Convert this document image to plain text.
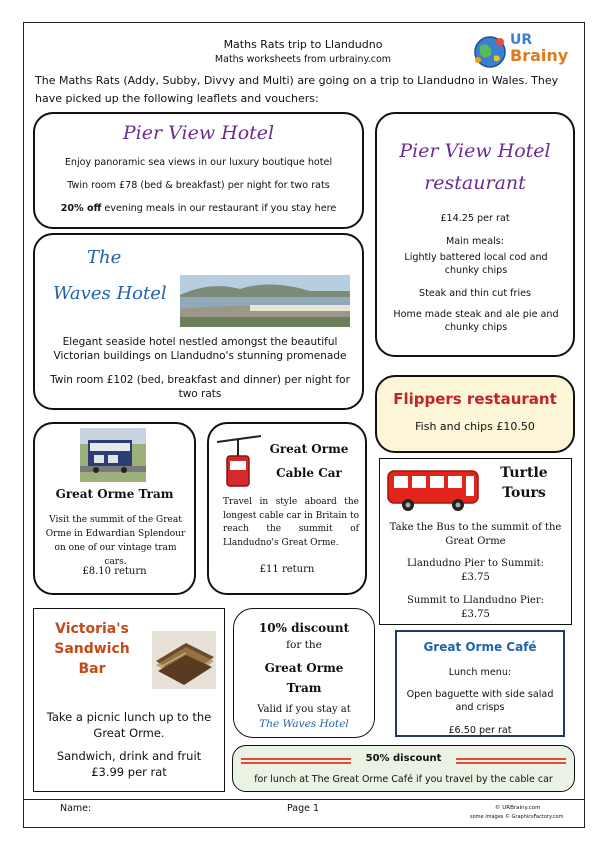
Maths Rats trip to Llandudno
Maths worksheets from urbrainy.com
UR
Brainy
The Maths Rats (Addy, Subby, Divvy and Multi) are going on a trip to Llandudno in Wales. They have picked up the following leaflets and vouchers:
Pier View Hotel
Enjoy panoramic sea views in our luxury boutique hotel
Twin room £78 (bed & breakfast) per night for two rats
20% off evening meals in our restaurant if you stay here
Pier View Hotel
restaurant
£14.25 per rat
Main meals:
Lightly battered local cod and chunky chips
Steak and thin cut fries
Home made steak and ale pie and chunky chips
The
Waves Hotel
Elegant seaside hotel nestled amongst the beautiful Victorian buildings on Llandudno's stunning promenade
Twin room £102 (bed, breakfast and dinner) per night for two rats	Flippers restaurant
Fish and chips £10.50
Great Orme Tram
Visit the summit of the Great Orme in Edwardian Splendour on one of our vintage tram cars.
£8.10 return
Great Orme
Cable Car
Travel in style aboard the longest cable car in Britain to reach the summit of Llandudno's Great Orme.
£11 return
Turtle
Tours
Take the Bus to the summit of the Great Orme
Llandudno Pier to Summit:
£3.75
Summit to Llandudno Pier:
£3.75
Victoria's
Sandwich
Bar
Take a picnic lunch up to the Great Orme.
Sandwich, drink and fruit
£3.99 per rat
10% discount
for the
Great Orme
Tram
Valid if you stay at
The Waves Hotel
Great Orme Café
Lunch menu:
Open baguette with side salad and crisps
£6.50 per rat
50% discount
for lunch at The Great Orme Café if you travel by the cable car
Name:	Page 1	© URBrainy.com
some images © GraphicsFactory.com
